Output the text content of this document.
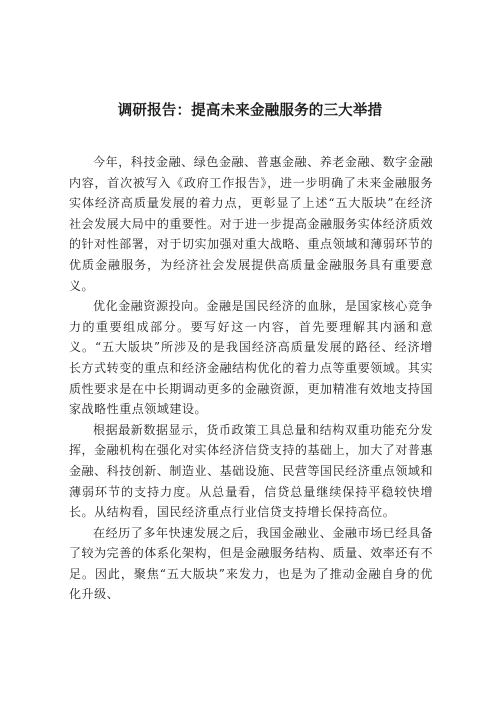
调研报告：提高未来金融服务的三大举措

今年，科技金融、绿色金融、普惠金融、养老金融、数字金融内容，首次被写入《政府工作报告》，进一步明确了未来金融服务实体经济高质量发展的着力点，更彰显了上述“五大版块”在经济社会发展大局中的重要性。对于进一步提高金融服务实体经济质效的针对性部署，对于切实加强对重大战略、重点领域和薄弱环节的优质金融服务，为经济社会发展提供高质量金融服务具有重要意义。

优化金融资源投向。金融是国民经济的血脉，是国家核心竞争力的重要组成部分。要写好这一内容，首先要理解其内涵和意义。“五大版块”所涉及的是我国经济高质量发展的路径、经济增长方式转变的重点和经济金融结构优化的着力点等重要领域。其实质性要求是在中长期调动更多的金融资源，更加精准有效地支持国家战略性重点领域建设。

根据最新数据显示，货币政策工具总量和结构双重功能充分发挥，金融机构在强化对实体经济信贷支持的基础上，加大了对普惠金融、科技创新、制造业、基础设施、民营等国民经济重点领域和薄弱环节的支持力度。从总量看，信贷总量继续保持平稳较快增长。从结构看，国民经济重点行业信贷支持增长保持高位。

在经历了多年快速发展之后，我国金融业、金融市场已经具备了较为完善的体系化架构，但是金融服务结构、质量、效率还有不足。因此，聚焦“五大版块”来发力，也是为了推动金融自身的优化升级、
